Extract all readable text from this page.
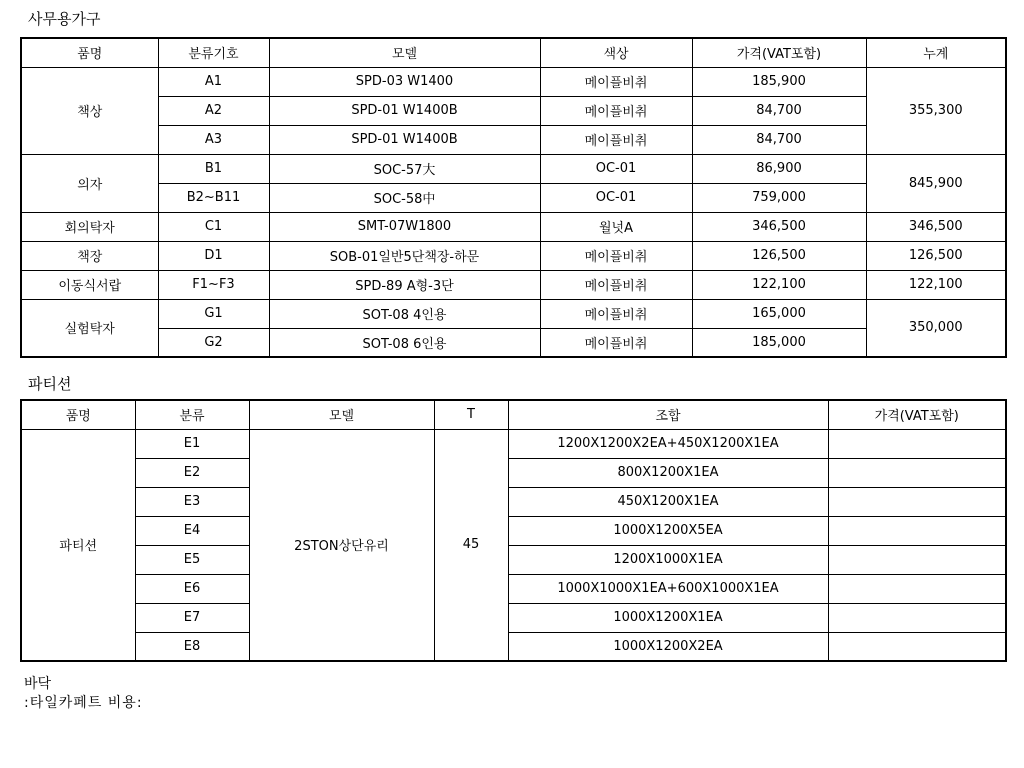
사무용가구
품명	분류기호	모델	색상	가격(VAT포함)	누계
책상	A1	SPD-03 W1400	메이플비취	185,900	355,300
	A2	SPD-01 W1400B	메이플비취	84,700	
	A3	SPD-01 W1400B	메이플비취	84,700	
의자	B1	SOC-57大	OC-01	86,900	845,900
	B2~B11	SOC-58中	OC-01	759,000	
회의탁자	C1	SMT-07W1800	월넛A	346,500	346,500
책장	D1	SOB-01일반5단책장-하문	메이플비취	126,500	126,500
이동식서랍	F1~F3	SPD-89 A형-3단	메이플비취	122,100	122,100
실험탁자	G1	SOT-08 4인용	메이플비취	165,000	350,000
	G2	SOT-08 6인용	메이플비취	185,000	
파티션
품명	분류	모델	T	조합	가격(VAT포함)
파티션	E1	2STON상단유리	45	1200X1200X2EA+450X1200X1EA	
	E2			800X1200X1EA	
	E3			450X1200X1EA	
	E4			1000X1200X5EA	
	E5			1200X1000X1EA	
	E6			1000X1000X1EA+600X1000X1EA	
	E7			1000X1200X1EA	
	E8			1000X1200X2EA	
바닥
:타일카페트 비용:
